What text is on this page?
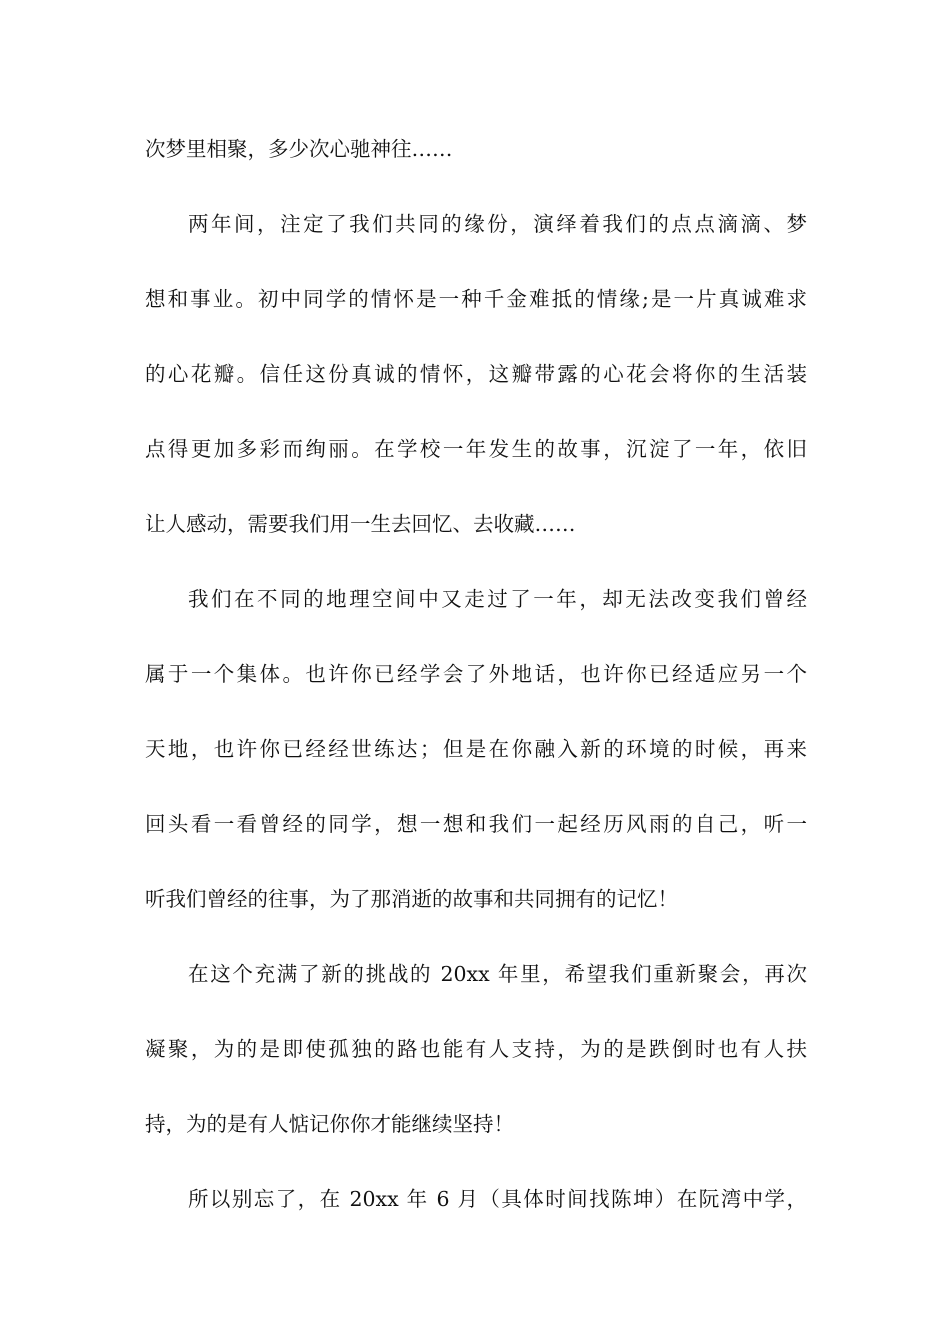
次梦里相聚，多少次心驰神往……
两年间，注定了我们共同的缘份，演绎着我们的点点滴滴、梦
想和事业。初中同学的情怀是一种千金难抵的情缘;是一片真诚难求
的心花瓣。信任这份真诚的情怀，这瓣带露的心花会将你的生活装
点得更加多彩而绚丽。在学校一年发生的故事，沉淀了一年，依旧
让人感动，需要我们用一生去回忆、去收藏……
我们在不同的地理空间中又走过了一年，却无法改变我们曾经
属于一个集体。也许你已经学会了外地话，也许你已经适应另一个
天地，也许你已经经世练达；但是在你融入新的环境的时候，再来
回头看一看曾经的同学，想一想和我们一起经历风雨的自己，听一
听我们曾经的往事，为了那消逝的故事和共同拥有的记忆！
在这个充满了新的挑战的 20xx 年里，希望我们重新聚会，再次
凝聚，为的是即使孤独的路也能有人支持，为的是跌倒时也有人扶
持，为的是有人惦记你你才能继续坚持！
所以别忘了，在 20xx 年 6 月（具体时间找陈坤）在阮湾中学，
